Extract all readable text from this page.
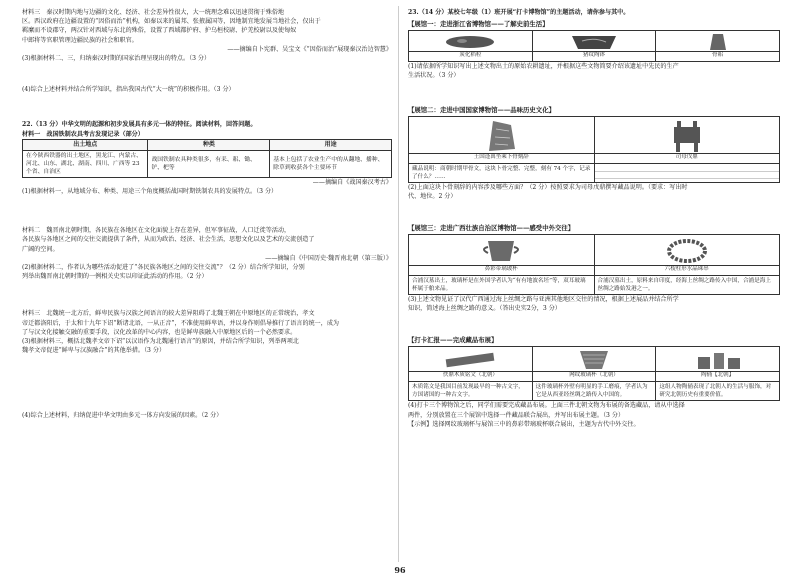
材料三　秦汉时期内地与边疆的文化、经济、社会差异性很大，大一统理念难以迅速贯彻于殊俗地

区。西汉政府在边疆设置的“因俗而治”机构，如秦以来的属邦、张掖属国等，因地制宜地发展当地社会，仅出于

羁縻而不设郡守，两汉针对西域与东北的殊俗，设置了西域都护府、护乌桓校尉、护羌校尉以及使匈奴

中郎将等官职管理边疆民族的社会和职官。

——摘编自卜宪群、吴宝文《“因俗而治”展现秦汉治边智慧》

(3)根据材料二、三，归纳秦汉时期的国家治理呈现出的特点。（3 分）

(4)综合上述材料并结合所学知识，指出我国古代“大一统”的积极作用。（3 分）

22.（13 分）中华文明的起源和初步发展具有多元一体的特征。阅读材料，回答问题。

材料一　战国铁制农具考古发现记录（部分）

出土地点	种类	用途
在今陕西铁器的出土地区，黑龙江、内蒙古、河北、山东、湖北、湖南、四川、广西等 23 个省、自治区	战国铁制农具种类很多，有耒、耜、锄、铲、杷等	基本上包括了农业生产中的从翻地、播种、除草到收获各个主要环节

——摘编自《战国秦汉考古》

(1)根据材料一，从地域分布、种类、用途三个角度概括战国时期铁制农具的发展特点。（3 分）

材料二　魏晋南北朝时期，各民族在各地区在文化面貌上存在差异，但军事征战，人口迁徙等活动，

各民族与各地区之间的交往交流提供了条件，从而为政治、经济、社会生活，思想文化以及艺术的交流创造了

广阔的空间。

——摘编自《中国历史·魏晋南北朝（第三版）》

(2)根据材料二，作者认为哪些活动促进了“各民族各地区之间的交往交流”？（2 分）结合所学知识，分别

列举出魏晋南北朝时期的一例相关史实以印证此活动的作用。（2 分）

材料三　北魏统一北方后，鲜卑民族与汉族之间语言的较大差异阻碍了北魏王朝在中原地区的正常统治，孝文

帝迁都洛阳后，于太和十九年下诏“断诸北语，一从正音”，不准使用鲜卑语，并以身作则倡导推行了语言的统一，成为

了与汉文化接触交融的重要手段，汉化改革的中心内容，也是鲜卑族融入中原地区后的一个必然要求。

(3)根据材料三，概括北魏孝文帝下诏“以汉语作为北魏通行语言”的原因，并结合所学知识，列举两项北

魏孝文帝促进“鲜卑与汉族融合”的其他举措。（3 分）

(4)综合上述材料，归纳促进中华文明由多元一体方向发展的因素。（2 分）

23.（14 分）某校七年级（1）班开展“打卡博物馆”的主题活动，请你参与其中。

【展馆一：走进浙江省博物馆——了解史前生活】

炭化稻粒	猪纹陶钵	骨耜

(1)请依据所学知识写出上述文物出土的原始农耕遗址，并根据这些文物简要介绍该遗址中先民的生产

生活状况。（3 分）

【展馆二：走进中国国家博物馆——品味历史文化】

王国逢萬坐乘卜骨刻辞	司母戊鼎
藏品说明：商朝时期甲骨文，这块卜骨完整、完整，刻有 74 个字，记录了什么？……

(2)上面这块卜骨刻辞的内容涉及哪些方面？（2 分）按照要求为司母戊鼎撰写藏品说明。（要求：写出时

代、地位。2 分）

【展馆三：走进广西壮族自治区博物馆——感受中外交往】

鼻彩带璃玻杯	六棱柱形水晶珠串
合浦汉墓出土，玻璃杯是在外国学者认为“有有地波名坯”等，双耳玻璃杯属于舶来品。
合浦汉墓出土，原料来自印度，经海上丝绸之路传入中国，合浦是海上丝绸之路始发港之一。

(3)上述文物见证了汉代广西通过海上丝绸之路与亚洲其他地区交往的情况，根据上述展品并结合所学

知识，简述海上丝绸之路的意义。（答出史实2分，3 分）

【打卡汇报——完成藏品布展】

佚鼎木质铭文（北朝）	网纹玻璃杯（北朝）	陶俑【北朝】
木质铭文是我国目前发现最早的一种古文字，方国诸国的一种古文字。
这件玻璃杯外壁有明显的手工磨痕，学者认为它是从西亚经丝绸之路传入中国的。
这组人物陶俑表现了北朝人的生活与服饰，对研究北朝历史有重要价值。

(4)打卡三个博物馆之后，同学们需要完成藏品布展。上面三件北朝文物为布展的备选藏品，请从中选择

两件，分别放置在三个展馆中选择一件藏品联合展出，并写出布展主题。（3 分）

【示例】选择网纹玻璃杯与展馆三中的鼻彩带璃玻杯联合展出，主题为古代中外交往。

96
